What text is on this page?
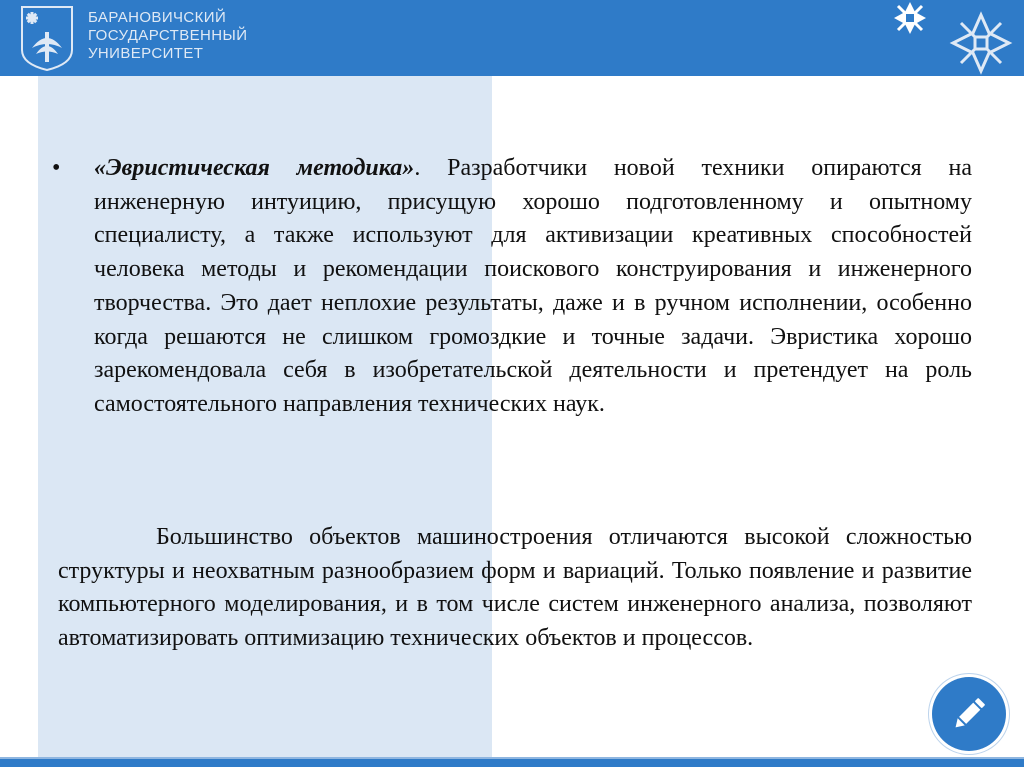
БАРАНОВИЧСКИЙ
ГОСУДАРСТВЕННЫЙ
УНИВЕРСИТЕТ
• «Эвристическая методика». Разработчики новой техники опираются на инженерную интуицию, присущую хорошо подготовленному и опытному специалисту, а также используют для активизации креативных способностей человека методы и рекомендации поискового конструирования и инженерного творчества. Это дает неплохие результаты, даже и в ручном исполнении, особенно когда решаются не слишком громоздкие и точные задачи. Эвристика хорошо зарекомендовала себя в изобретательской деятельности и претендует на роль самостоятельного направления технических наук.
Большинство объектов машиностроения отличаются высокой сложностью структуры и неохватным разнообразием форм и вариаций. Только появление и развитие компьютерного моделирования, и в том числе систем инженерного анализа, позволяют автоматизировать оптимизацию технических объектов и процессов.
